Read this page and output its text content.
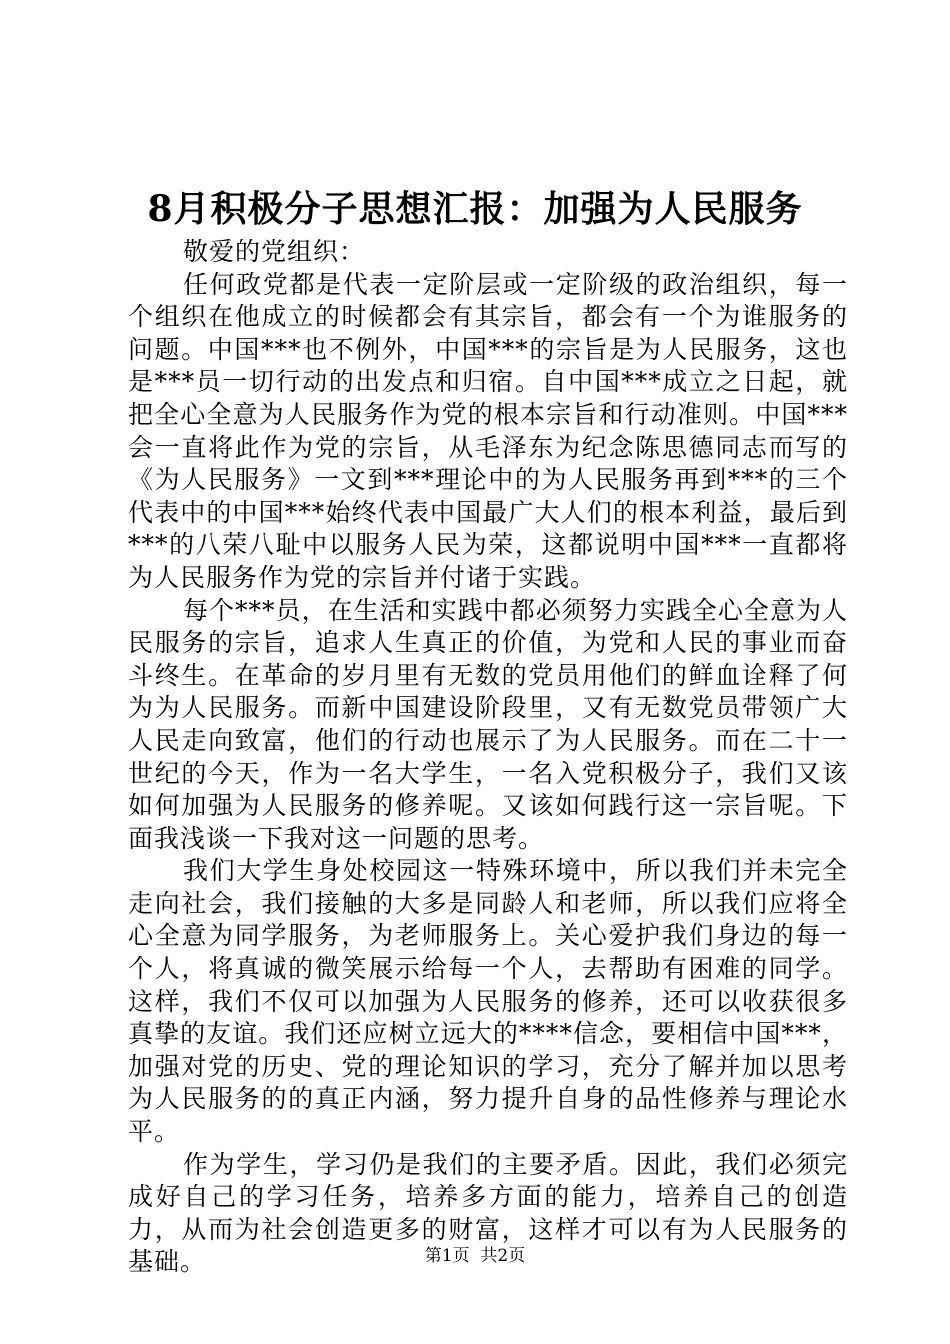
8月积极分子思想汇报：加强为人民服务

敬爱的党组织：

任何政党都是代表一定阶层或一定阶级的政治组织，每一个组织在他成立的时候都会有其宗旨，都会有一个为谁服务的问题。中国***也不例外，中国***的宗旨是为人民服务，这也是***员一切行动的出发点和归宿。自中国***成立之日起，就把全心全意为人民服务作为党的根本宗旨和行动准则。中国***会一直将此作为党的宗旨，从毛泽东为纪念陈思德同志而写的《为人民服务》一文到***理论中的为人民服务再到***的三个代表中的中国***始终代表中国最广大人们的根本利益，最后到***的八荣八耻中以服务人民为荣，这都说明中国***一直都将为人民服务作为党的宗旨并付诸于实践。

每个***员，在生活和实践中都必须努力实践全心全意为人民服务的宗旨，追求人生真正的价值，为党和人民的事业而奋斗终生。在革命的岁月里有无数的党员用他们的鲜血诠释了何为为人民服务。而新中国建设阶段里，又有无数党员带领广大人民走向致富，他们的行动也展示了为人民服务。而在二十一世纪的今天，作为一名大学生，一名入党积极分子，我们又该如何加强为人民服务的修养呢。又该如何践行这一宗旨呢。下面我浅谈一下我对这一问题的思考。

我们大学生身处校园这一特殊环境中，所以我们并未完全走向社会，我们接触的大多是同龄人和老师，所以我们应将全心全意为同学服务，为老师服务上。关心爱护我们身边的每一个人，将真诚的微笑展示给每一个人，去帮助有困难的同学。这样，我们不仅可以加强为人民服务的修养，还可以收获很多真挚的友谊。我们还应树立远大的****信念，要相信中国***，加强对党的历史、党的理论知识的学习，充分了解并加以思考为人民服务的的真正内涵，努力提升自身的品性修养与理论水平。

作为学生，学习仍是我们的主要矛盾。因此，我们必须完成好自己的学习任务，培养多方面的能力，培养自己的创造力，从而为社会创造更多的财富，这样才可以有为人民服务的基础。	第1页 共2页
